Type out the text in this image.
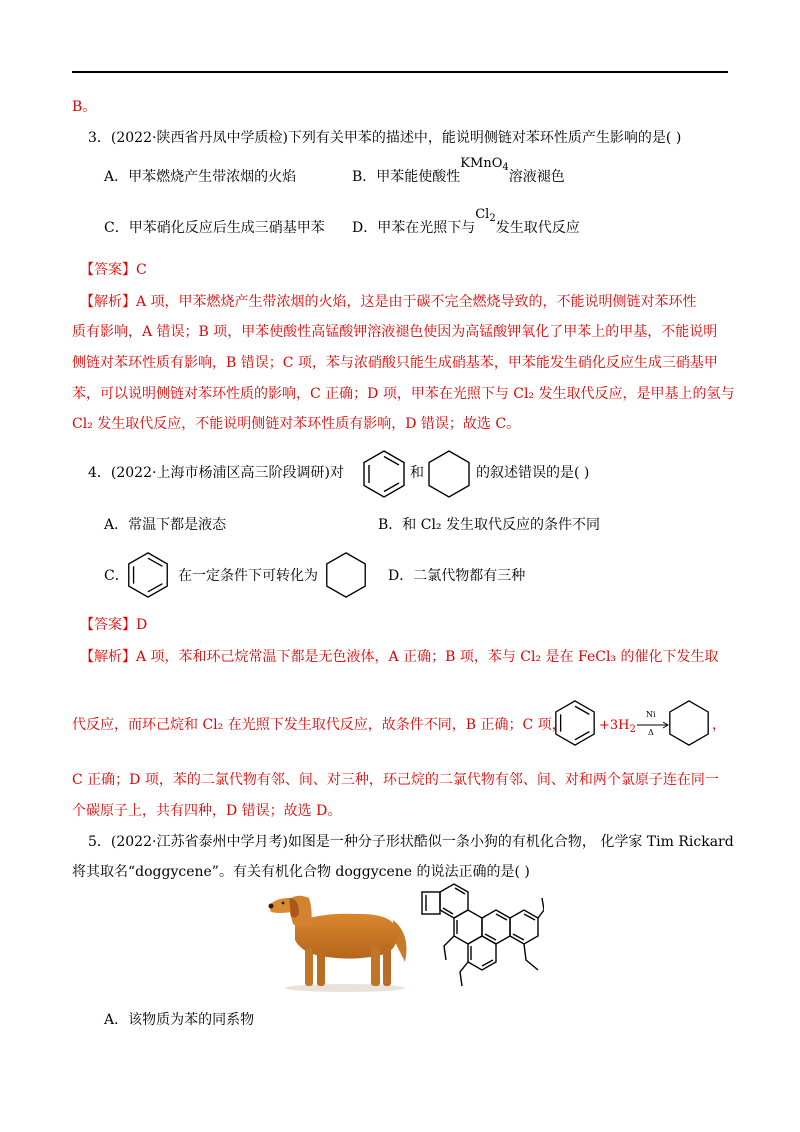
B。
3．(2022·陕西省丹凤中学质检)下列有关甲苯的描述中，能说明侧链对苯环性质产生影响的是( )
A．甲苯燃烧产生带浓烟的火焰	B．甲苯能使酸性KMnO$_4$溶液褪色
C．甲苯硝化反应后生成三硝基甲苯 D．甲苯在光照下与$Cl_2$发生取代反应
【答案】C
【解析】A 项，甲苯燃烧产生带浓烟的火焰，这是由于碳不完全燃烧导致的，不能说明侧链对苯环性
质有影响，A 错误；B 项，甲苯使酸性高锰酸钾溶液褪色使因为高锰酸钾氧化了甲苯上的甲基，不能说明
侧链对苯环性质有影响，B 错误；C 项，苯与浓硝酸只能生成硝基苯，甲苯能发生硝化反应生成三硝基甲
苯，可以说明侧链对苯环性质的影响，C 正确；D 项，甲苯在光照下与 Cl₂ 发生取代反应，是甲基上的氢与
Cl₂ 发生取代反应，不能说明侧链对苯环性质有影响，D 错误；故选 C。
4．(2022·上海市杨浦区高三阶段调研)对	和	的叙述错误的是( )
A．常温下都是液态	B．和 Cl₂ 发生取代反应的条件不同
C．	在一定条件下可转化为	D．二氯代物都有三种
【答案】D
【解析】A 项，苯和环己烷常温下都是无色液体，A 正确；B 项，苯与 Cl₂ 是在 FeCl₃ 的催化下发生取
代反应，而环己烷和 Cl₂ 在光照下发生取代反应，故条件不同，B 正确；C 项，	$+3H_2$
Ni
Δ	，
C 正确；D 项，苯的二氯代物有邻、间、对三种，环己烷的二氯代物有邻、间、对和两个氯原子连在同一
个碳原子上，共有四种，D 错误；故选 D。
5．(2022·江苏省泰州中学月考)如图是一种分子形状酷似一条小狗的有机化合物， 化学家 Tim Rickard
将其取名“doggycene”。有关有机化合物 doggycene 的说法正确的是( )
A．该物质为苯的同系物
